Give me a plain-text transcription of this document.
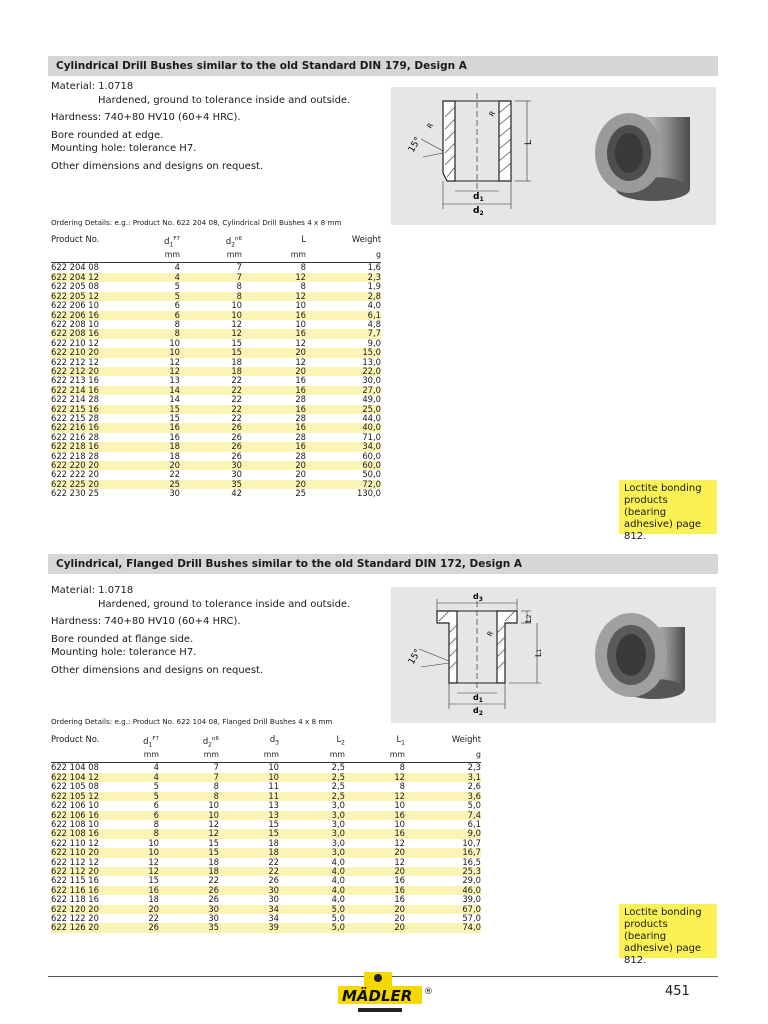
Cylindrical Drill Bushes similar to the old Standard DIN 179, Design A

Material: 1.0718

Hardened, ground to tolerance inside and outside.

Hardness: 740+80 HV10 (60+4 HRC).

Bore rounded at edge.

Mounting hole: tolerance H7.

Other dimensions and designs on request.

Ordering Details: e.g.: Product No. 622 204 08, Cylindrical Drill Bushes 4 x 8 mm
Product No.	$d_1^{F7}$	$d_2^{n6}$	L	Weight
	mm	mm	mm	g
622 204 08	4	7	8	1,6
622 204 12	4	7	12	2,3
622 205 08	5	8	8	1,9
622 205 12	5	8	12	2,8
622 206 10	6	10	10	4,0
622 206 16	6	10	16	6,1
622 208 10	8	12	10	4,8
622 208 16	8	12	16	7,7
622 210 12	10	15	12	9,0
622 210 20	10	15	20	15,0
622 212 12	12	18	12	13,0
622 212 20	12	18	20	22,0
622 213 16	13	22	16	30,0
622 214 16	14	22	16	27,0
622 214 28	14	22	28	49,0
622 215 16	15	22	16	25,0
622 215 28	15	22	28	44,0
622 216 16	16	26	16	40,0
622 216 28	16	26	28	71,0
622 218 16	18	26	16	34,0
622 218 28	18	26	28	60,0
622 220 20	20	30	20	60,0
622 222 20	22	30	20	50,0
622 225 20	25	35	20	72,0
622 230 25	30	42	25	130,0
L
$d_1$
$d_2$
15°
R
R
Loctite bonding products (bearing adhesive) page 812.
Cylindrical, Flanged Drill Bushes similar to the old Standard DIN 172, Design A

Material: 1.0718

Hardened, ground to tolerance inside and outside.

Hardness: 740+80 HV10 (60+4 HRC).

Bore rounded at flange side.

Mounting hole: tolerance H7.

Other dimensions and designs on request.

Ordering Details: e.g.: Product No. 622 104 08, Flanged Drill Bushes 4 x 8 mm
Product No.	$d_1^{F7}$	$d_2^{n6}$	$d_3$	$L_2$	$L_1$	Weight
	mm	mm	mm	mm	mm	g
622 104 08	4	7	10	2,5	8	2,3
622 104 12	4	7	10	2,5	12	3,1
622 105 08	5	8	11	2,5	8	2,6
622 105 12	5	8	11	2,5	12	3,6
622 106 10	6	10	13	3,0	10	5,0
622 106 16	6	10	13	3,0	16	7,4
622 108 10	8	12	15	3,0	10	6,1
622 108 16	8	12	15	3,0	16	9,0
622 110 12	10	15	18	3,0	12	10,7
622 110 20	10	15	18	3,0	20	16,7
622 112 12	12	18	22	4,0	12	16,5
622 112 20	12	18	22	4,0	20	25,3
622 115 16	15	22	26	4,0	16	29,0
622 116 16	16	26	30	4,0	16	46,0
622 118 16	18	26	30	4,0	16	39,0
622 120 20	20	30	34	5,0	20	67,0
622 122 20	22	30	34	5,0	20	57,0
622 126 20	26	35	39	5,0	20	74,0
$d_3$
L2
L1
$d_1$
$d_2$
15°
R
Loctite bonding products (bearing adhesive) page 812.
MÄDLER ®	451
